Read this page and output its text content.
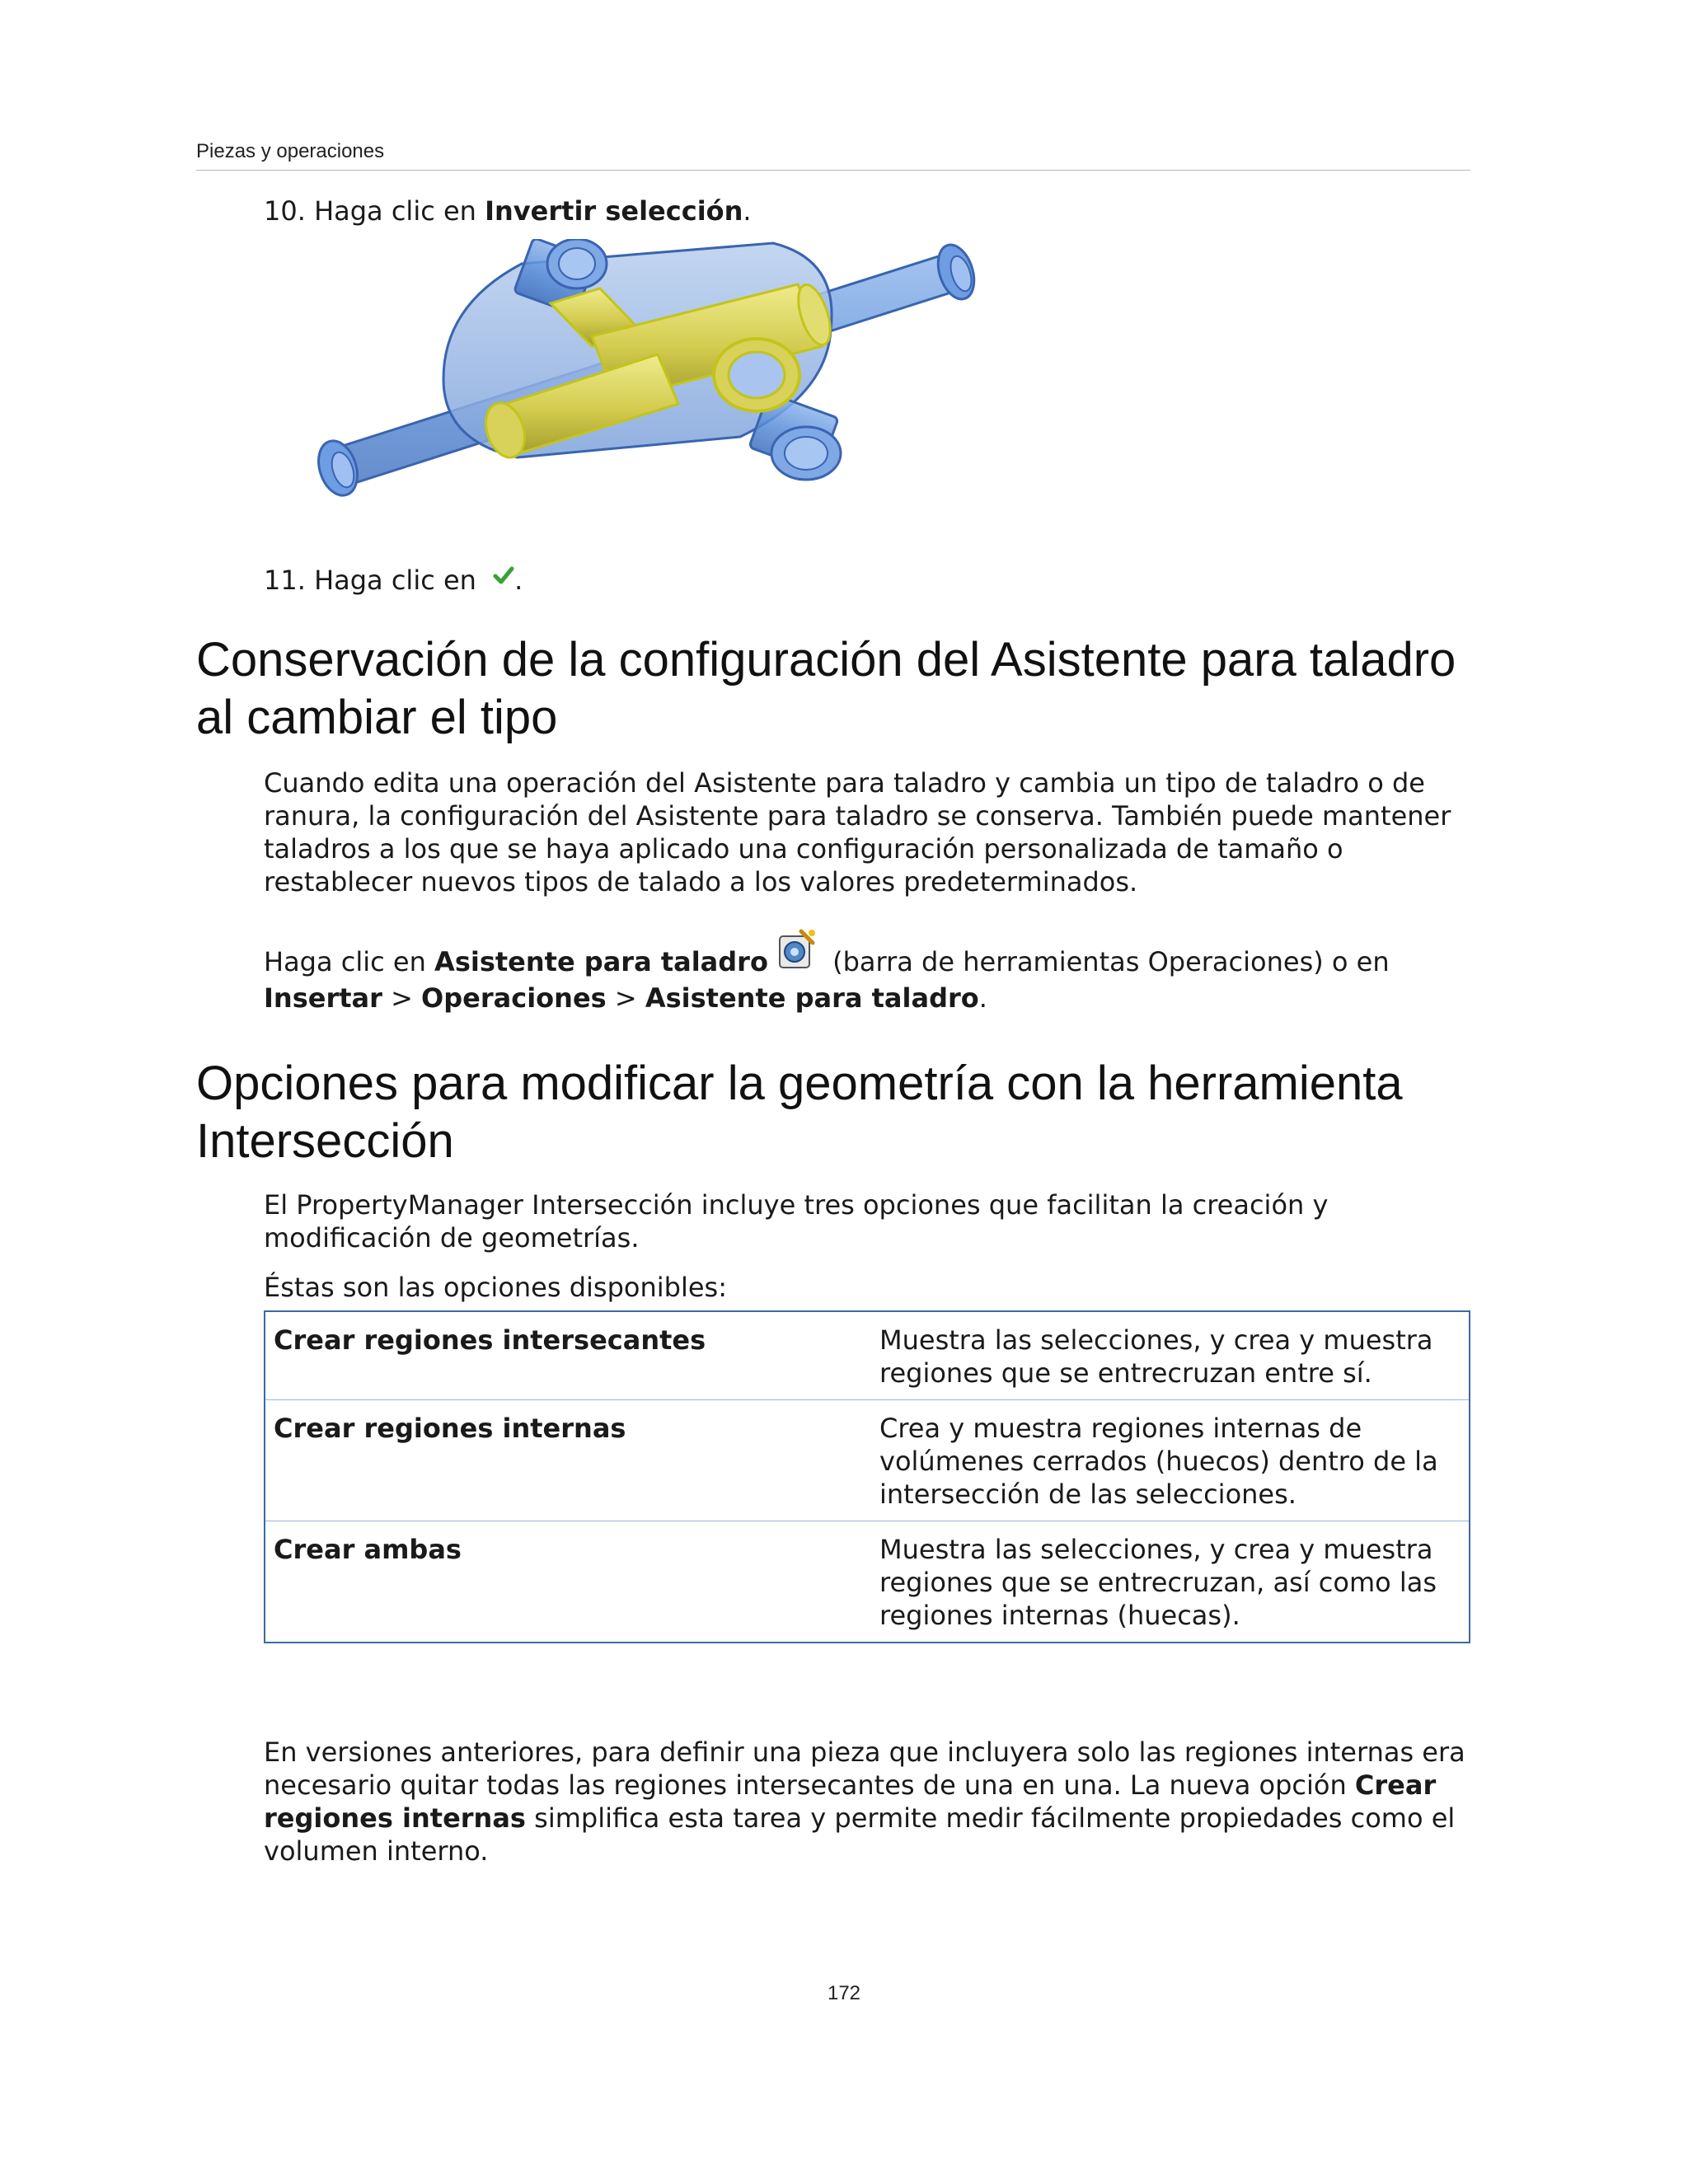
Piezas y operaciones
10. Haga clic en Invertir selección.
11. Haga clic en .
Conservación de la configuración del Asistente para taladro al cambiar el tipo

Cuando edita una operación del Asistente para taladro y cambia un tipo de taladro o de ranura, la configuración del Asistente para taladro se conserva. También puede mantener taladros a los que se haya aplicado una configuración personalizada de tamaño o restablecer nuevos tipos de talado a los valores predeterminados.

Haga clic en Asistente para taladro (barra de herramientas Operaciones) o en Insertar > Operaciones > Asistente para taladro.

Opciones para modificar la geometría con la herramienta Intersección

El PropertyManager Intersección incluye tres opciones que facilitan la creación y modificación de geometrías.

Éstas son las opciones disponibles:

Crear regiones intersecantes	Muestra las selecciones, y crea y muestra regiones que se entrecruzan entre sí.
Crear regiones internas	Crea y muestra regiones internas de volúmenes cerrados (huecos) dentro de la intersección de las selecciones.
Crear ambas	Muestra las selecciones, y crea y muestra regiones que se entrecruzan, así como las regiones internas (huecas).

En versiones anteriores, para definir una pieza que incluyera solo las regiones internas era necesario quitar todas las regiones intersecantes de una en una. La nueva opción Crear regiones internas simplifica esta tarea y permite medir fácilmente propiedades como el volumen interno.

172
